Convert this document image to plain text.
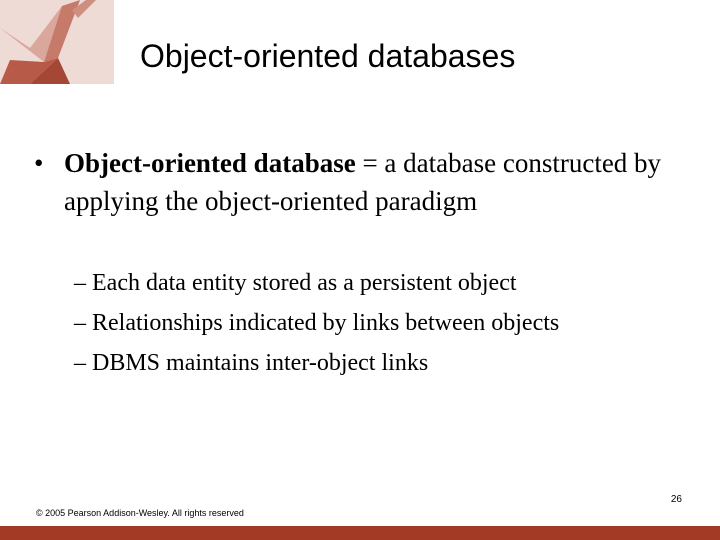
Object-oriented databases
• Object-oriented database = a database constructed by applying the object-oriented paradigm
– Each data entity stored as a persistent object
– Relationships indicated by links between objects
– DBMS maintains inter-object links
26
© 2005 Pearson Addison-Wesley. All rights reserved
